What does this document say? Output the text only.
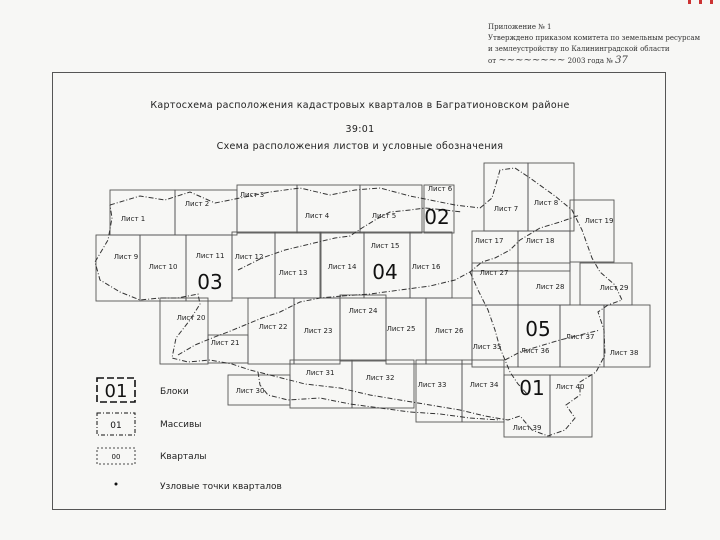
Приложение № 1
Утверждено приказом комитета по земельным ресурсам
и землеустройству по Калининградской области
от ~~~~~~~~ 2003 года № 37
Картосхема расположения кадастровых кварталов в Багратионовском районе
39:01
Схема расположения листов и условные обозначения
Лист 1
Лист 2
Лист 3
Лист 4	Лист 5
Лист 6
Лист 7
Лист 8
Лист 9
Лист 10
Лист 11 Лист 12
Лист 13
Лист 14
Лист 15
Лист 16
Лист 17	Лист 18
Лист 19
Лист 20
Лист 21
Лист 22 Лист 23
Лист 24
Лист 25	Лист 26
Лист 27
Лист 28	Лист 29
Лист 30
Лист 31
Лист 32
Лист 33	Лист 34
Лист 35	Лист 36
Лист 37
Лист 38
Лист 39
Лист 40
01
02
03	04
05
01	Блоки
01	Массивы
00	Кварталы
Узловые точки кварталов
